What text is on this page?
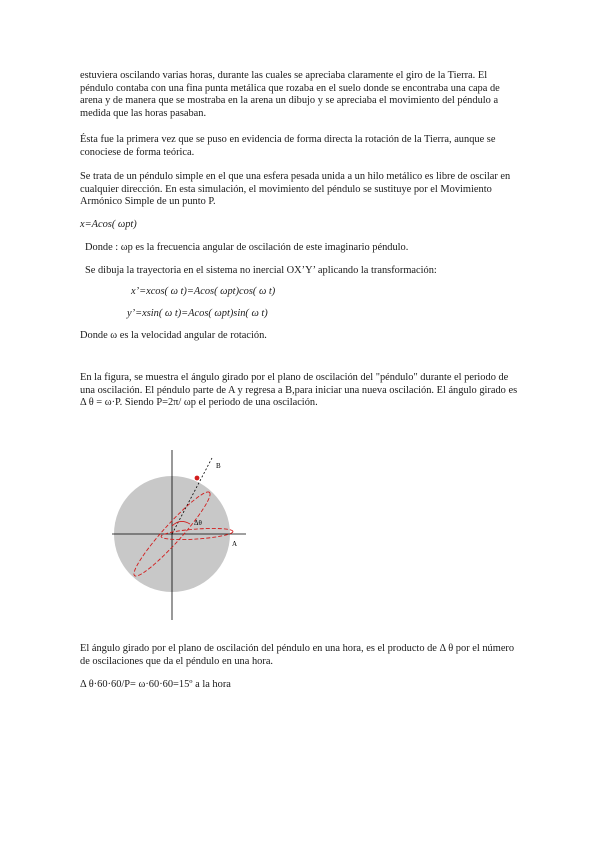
estuviera oscilando varias horas, durante las cuales se apreciaba claramente el giro de la Tierra. El péndulo contaba con una fina punta metálica que rozaba en el suelo donde se encontraba una capa de arena y de manera que se mostraba en la arena un dibujo y se apreciaba el movimiento del péndulo a medida que las horas pasaban.

Ésta fue la primera vez que se puso en evidencia de forma directa la rotación de la Tierra, aunque se conociese de forma teórica.

Se trata de un péndulo simple en el que una esfera pesada unida a un hilo metálico es libre de oscilar en cualquier dirección. En esta simulación, el movimiento del péndulo se sustituye por el Movimiento Armónico Simple de un punto P.

x=Acos( ωpt)

Donde : ωp es la frecuencia angular de oscilación de este imaginario péndulo.

Se dibuja la trayectoria en el sistema no inercial OX’Y’ aplicando la transformación:

x’=xcos( ω t)=Acos( ωpt)cos( ω t)
y’=xsin( ω t)=Acos( ωpt)sin( ω t)

Donde ω es la velocidad angular de rotación.

En la figura, se muestra el ángulo girado por el plano de oscilación del "péndulo" durante el periodo de una oscilación. El péndulo parte de A y regresa a B,para iniciar una nueva oscilación. El ángulo girado es Δ θ = ω·P. Siendo P=2π/ ωp el periodo de una oscilación.

Δθ
B
A

El ángulo girado por el plano de oscilación del péndulo en una hora, es el producto de Δ θ por el número de oscilaciones que da el péndulo en una hora.

Δ θ·60·60/P= ω·60·60=15º a la hora
